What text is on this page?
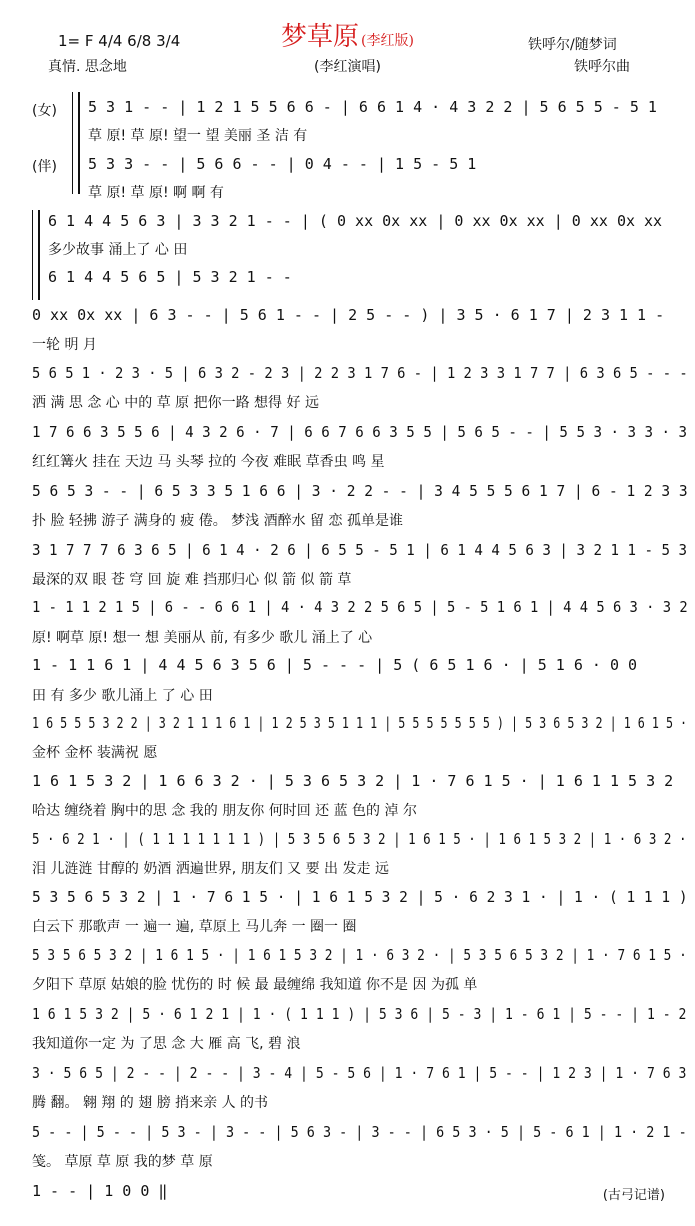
1= F 4/4 6/8 3/4
真情. 思念地
梦草原 (李红版)
(李红演唱)
铁呼尔/随梦词
铁呼尔曲
(女)
(伴)
5 3 1 - - | 1 2 1 5 5 6 6 - | 6 6 1 4 · 4 3 2 2 | 5 6 5 5 - 5 1
草 原! 草 原! 望一 望 美丽 圣 洁 有
5 3 3 - - | 5 6 6 - - | 0 4 - - | 1 5 - 5 1
草 原! 草 原! 啊 啊 有
6 1 4 4 5 6 3 | 3 3 2 1 - - | ( 0 xx 0x xx | 0 xx 0x xx | 0 xx 0x xx
多少故事 涌上了 心 田
6 1 4 4 5 6 5 | 5 3 2 1 - -
0 xx 0x xx | 6 3 - - | 5 6 1 - - | 2 5 - - ) | 3 5 · 6 1 7 | 2 3 1 1 -
一轮 明 月
5 6 5 1 · 2 3 · 5 | 6 3 2 - 2 3 | 2 2 3 1 7 6 - | 1 2 3 3 1 7 7 | 6 3 6 5 - - -
洒 满 思 念 心 中的 草 原 把你一路 想得 好 远
1 7 6 6 3 5 5 6 | 4 3 2 6 · 7 | 6 6 7 6 6 3 5 5 | 5 6 5 - - | 5 5 3 · 3 3 · 3
红红篝火 挂在 天边 马 头琴 拉的 今夜 难眠 草香虫 鸣 星
5 6 5 3 - - | 6 5 3 3 5 1 6 6 | 3 · 2 2 - - | 3 4 5 5 5 6 1 7 | 6 - 1 2 3 3
扑 脸 轻拂 游子 满身的 疲 倦。 梦浅 酒醉水 留 恋 孤单是谁
3 1 7 7 7 6 3 6 5 | 6 1 4 · 2 6 | 6 5 5 - 5 1 | 6 1 4 4 5 6 3 | 3 2 1 1 - 5 3
最深的双 眼 苍 穹 回 旋 难 挡那归心 似 箭 似 箭 草
1 - 1 1 2 1 5 | 6 - - 6 6 1 | 4 · 4 3 2 2 5 6 5 | 5 - 5 1 6 1 | 4 4 5 6 3 · 3 2
原! 啊草 原! 想一 想 美丽从 前, 有多少 歌儿 涌上了 心
1 - 1 1 6 1 | 4 4 5 6 3 5 6 | 5 - - - | 5 ( 6 5 1 6 · | 5 1 6 · 0 0
田 有 多少 歌儿涌上 了 心 田
1 6 5 5 5 3 2 2 | 3 2 1 1 1 6 1 | 1 2 5 3 5 1 1 1 | 5 5 5 5 5 5 5 ) | 5 3 6 5 3 2 | 1 6 1 5 ·
金杯 金杯 装满祝 愿
1 6 1 5 3 2 | 1 6 6 3 2 · | 5 3 6 5 3 2 | 1 · 7 6 1 5 · | 1 6 1 1 5 3 2
哈达 缠绕着 胸中的思 念 我的 朋友你 何时回 还 蓝 色的 淖 尔
5 · 6 2 1 · | ( 1 1 1 1 1 1 1 ) | 5 3 5 6 5 3 2 | 1 6 1 5 · | 1 6 1 5 3 2 | 1 · 6 3 2 ·
泪 儿涟涟 甘醇的 奶酒 洒遍世界, 朋友们 又 要 出 发走 远
5 3 5 6 5 3 2 | 1 · 7 6 1 5 · | 1 6 1 5 3 2 | 5 · 6 2 3 1 · | 1 · ( 1 1 1 )
白云下 那歌声 一 遍一 遍, 草原上 马儿奔 一 圈一 圈
5 3 5 6 5 3 2 | 1 6 1 5 · | 1 6 1 5 3 2 | 1 · 6 3 2 · | 5 3 5 6 5 3 2 | 1 · 7 6 1 5 ·
夕阳下 草原 姑娘的脸 忧伤的 时 候 最 最缠绵 我知道 你不是 因 为孤 单
1 6 1 5 3 2 | 5 · 6 1 2 1 | 1 · ( 1 1 1 ) | 5 3 6 | 5 - 3 | 1 - 6 1 | 5 - - | 1 - 2
我知道你一定 为 了思 念 大 雁 高 飞, 碧 浪
3 · 5 6 5 | 2 - - | 2 - - | 3 - 4 | 5 - 5 6 | 1 · 7 6 1 | 5 - - | 1 2 3 | 1 · 7 6 3
腾 翻。 翱 翔 的 翅 膀 捎来亲 人 的书
5 - - | 5 - - | 5 3 - | 3 - - | 5 6 3 - | 3 - - | 6 5 3 · 5 | 5 - 6 1 | 1 · 2 1 -
笺。 草原 草 原 我的梦 草 原
1 - - | 1 0 0 ‖	(古弓记谱)
